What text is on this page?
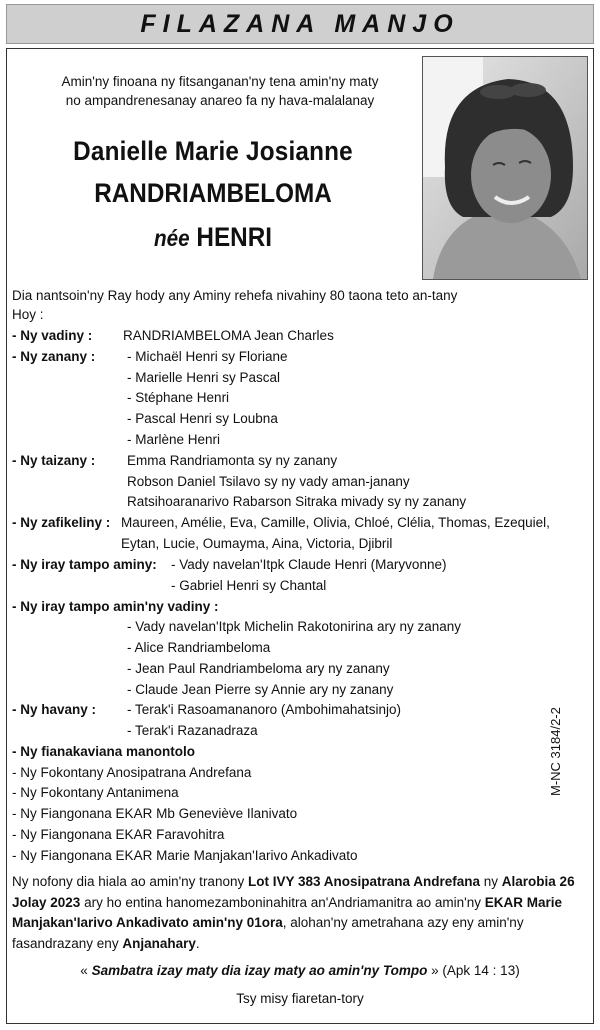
FILAZANA MANJO
Amin'ny finoana ny fitsanganan'ny tena amin'ny maty
no ampandrenesanay anareo fa ny hava-malalanay
Danielle Marie Josianne
RANDRIAMBELOMA
née HENRI
Dia nantsoin'ny Ray hody any Aminy rehefa nivahiny 80 taona teto an-tany
Hoy :
- Ny vadiny : RANDRIAMBELOMA Jean Charles
- Ny zanany : - Michaël Henri sy Floriane
- Marielle Henri sy Pascal
- Stéphane Henri
- Pascal Henri sy Loubna
- Marlène Henri
- Ny taizany : Emma Randriamonta sy ny zanany
Robson Daniel Tsilavo sy ny vady aman-janany
Ratsihoaranarivo Rabarson Sitraka mivady sy ny zanany
- Ny zafikeliny : Maureen, Amélie, Eva, Camille, Olivia, Chloé, Clélia, Thomas, Ezequiel,
Eytan, Lucie, Oumayma, Aina, Victoria, Djibril
- Ny iray tampo aminy: - Vady navelan'Itpk Claude Henri (Maryvonne)
- Gabriel Henri sy Chantal
- Ny iray tampo amin'ny vadiny :
- Vady navelan'Itpk Michelin Rakotonirina ary ny zanany
- Alice Randriambeloma
- Jean Paul Randriambeloma ary ny zanany
- Claude Jean Pierre sy Annie ary ny zanany
- Ny havany : - Terak'i Rasoamananoro (Ambohimahatsinjo)
- Terak'i Razanadraza
- Ny fianakaviana manontolo
- Ny Fokontany Anosipatrana Andrefana
- Ny Fokontany Antanimena
- Ny Fiangonana EKAR Mb Geneviève Ilanivato
- Ny Fiangonana EKAR Faravohitra
- Ny Fiangonana EKAR Marie Manjakan'Iarivo Ankadivato
M-NC 3184/2-2
Ny nofony dia hiala ao amin'ny tranony Lot IVY 383 Anosipatrana Andrefana ny Alarobia 26 Jolay 2023 ary ho entina hanomezamboninahitra an'Andriamanitra ao amin'ny EKAR Marie Manjakan'Iarivo Ankadivato amin'ny 01ora, alohan'ny ametrahana azy eny amin'ny fasandrazany eny Anjanahary.
« Sambatra izay maty dia izay maty ao amin'ny Tompo » (Apk 14 : 13)
Tsy misy fiaretan-tory
